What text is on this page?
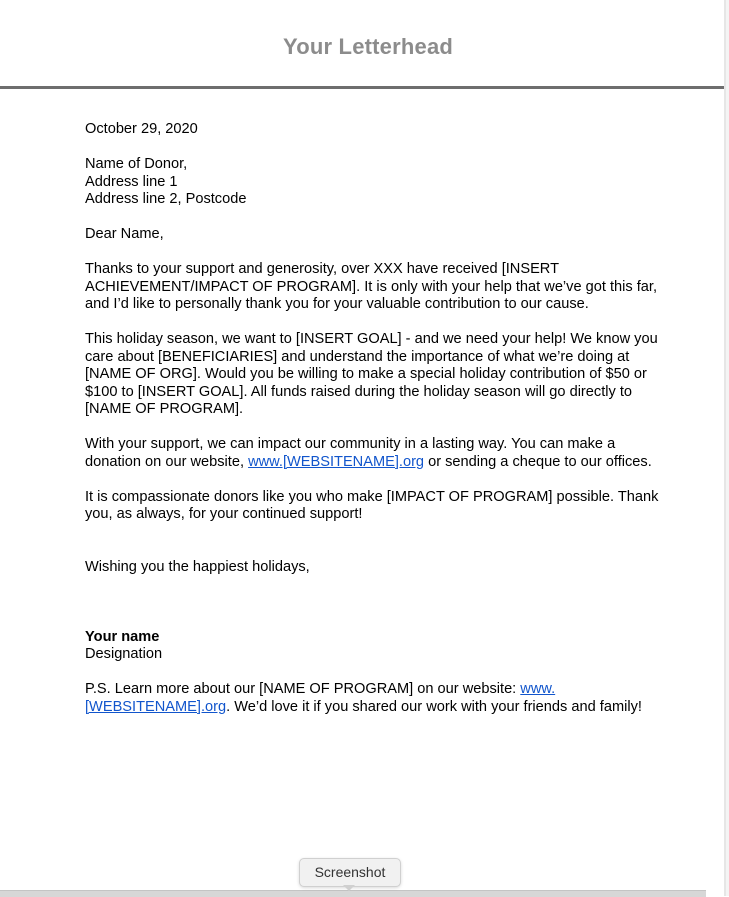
Your Letterhead

October 29, 2020

Name of Donor,

Address line 1

Address line 2, Postcode

Dear Name,

Thanks to your support and generosity, over XXX have received [INSERT ACHIEVEMENT/IMPACT OF PROGRAM]. It is only with your help that we’ve got this far, and I’d like to personally thank you for your valuable contribution to our cause.

This holiday season, we want to [INSERT GOAL] - and we need your help! We know you care about [BENEFICIARIES] and understand the importance of what we’re doing at [NAME OF ORG]. Would you be willing to make a special holiday contribution of $50 or $100 to [INSERT GOAL]. All funds raised during the holiday season will go directly to [NAME OF PROGRAM].

With your support, we can impact our community in a lasting way. You can make a donation on our website, www.[WEBSITENAME].org or sending a cheque to our offices.

It is compassionate donors like you who make [IMPACT OF PROGRAM] possible. Thank you, as always, for your continued support!

Wishing you the happiest holidays,

Your name

Designation

P.S. Learn more about our [NAME OF PROGRAM] on our website: www.[WEBSITENAME].org. We’d love it if you shared our work with your friends and family!

Screenshot
